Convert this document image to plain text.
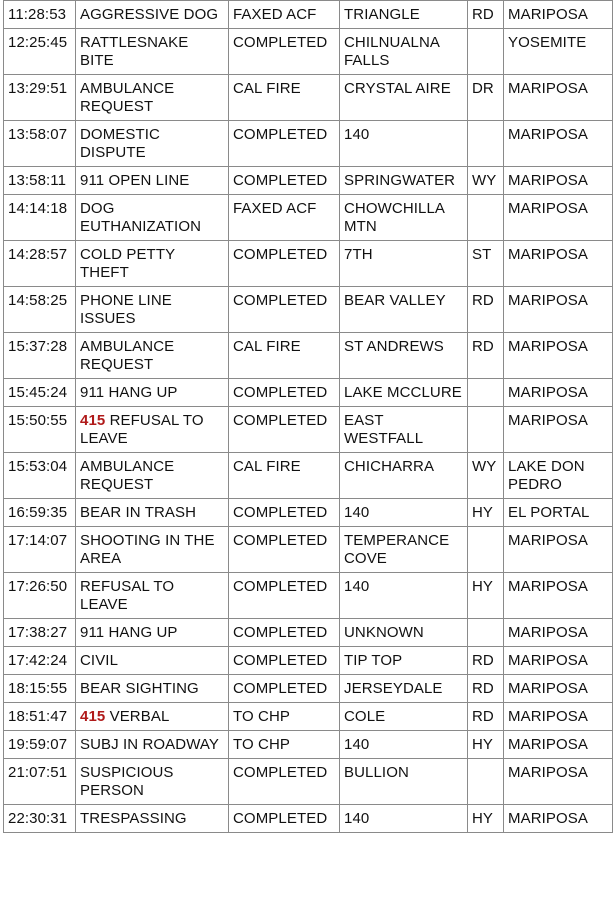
11:28:53	AGGRESSIVE DOG	FAXED ACF	TRIANGLE	RD	MARIPOSA
12:25:45	RATTLESNAKE BITE	COMPLETED	CHILNUALNA FALLS		YOSEMITE
13:29:51	AMBULANCE REQUEST	CAL FIRE	CRYSTAL AIRE	DR	MARIPOSA
13:58:07	DOMESTIC DISPUTE	COMPLETED	140		MARIPOSA
13:58:11	911 OPEN LINE	COMPLETED	SPRINGWATER	WY	MARIPOSA
14:14:18	DOG EUTHANIZATION	FAXED ACF	CHOWCHILLA MTN		MARIPOSA
14:28:57	COLD PETTY THEFT	COMPLETED	7TH	ST	MARIPOSA
14:58:25	PHONE LINE ISSUES	COMPLETED	BEAR VALLEY	RD	MARIPOSA
15:37:28	AMBULANCE REQUEST	CAL FIRE	ST ANDREWS	RD	MARIPOSA
15:45:24	911 HANG UP	COMPLETED	LAKE MCCLURE		MARIPOSA
15:50:55	415 REFUSAL TO LEAVE	COMPLETED	EAST WESTFALL		MARIPOSA
15:53:04	AMBULANCE REQUEST	CAL FIRE	CHICHARRA	WY	LAKE DON PEDRO
16:59:35	BEAR IN TRASH	COMPLETED	140	HY	EL PORTAL
17:14:07	SHOOTING IN THE AREA	COMPLETED	TEMPERANCE COVE		MARIPOSA
17:26:50	REFUSAL TO LEAVE	COMPLETED	140	HY	MARIPOSA
17:38:27	911 HANG UP	COMPLETED	UNKNOWN		MARIPOSA
17:42:24	CIVIL	COMPLETED	TIP TOP	RD	MARIPOSA
18:15:55	BEAR SIGHTING	COMPLETED	JERSEYDALE	RD	MARIPOSA
18:51:47	415 VERBAL	TO CHP	COLE	RD	MARIPOSA
19:59:07	SUBJ IN ROADWAY	TO CHP	140	HY	MARIPOSA
21:07:51	SUSPICIOUS PERSON	COMPLETED	BULLION		MARIPOSA
22:30:31	TRESPASSING	COMPLETED	140	HY	MARIPOSA
